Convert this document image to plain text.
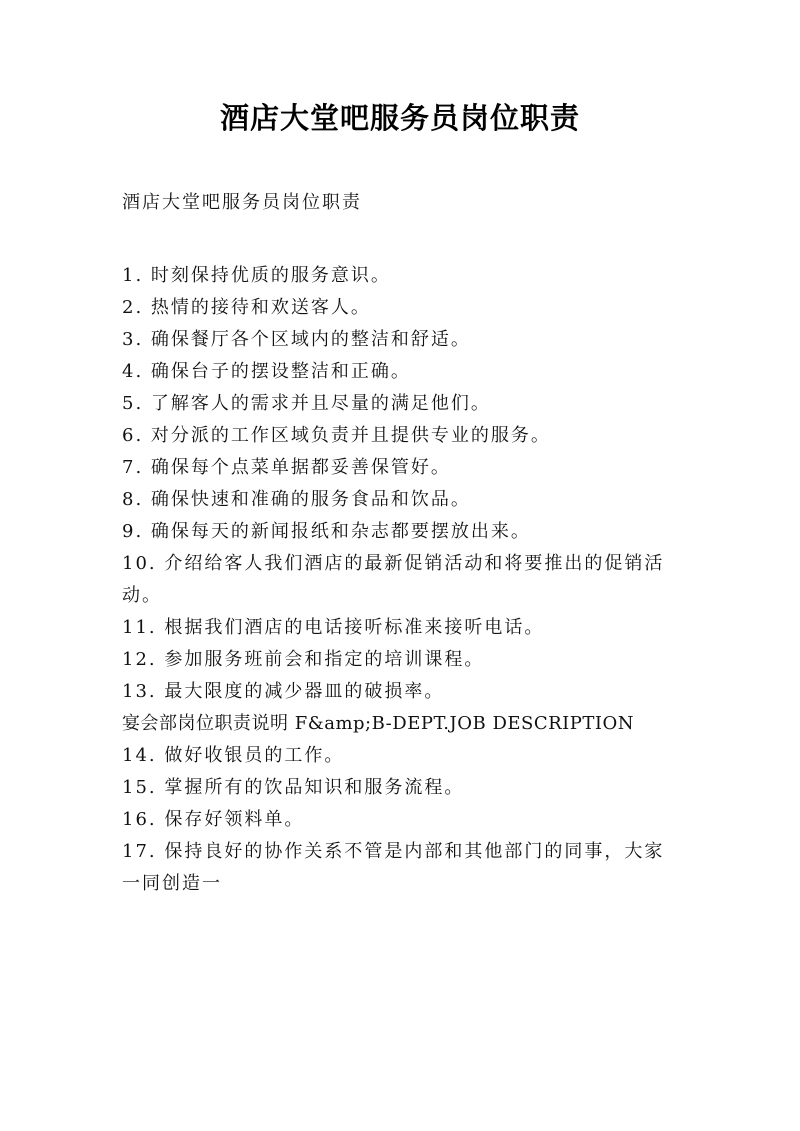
酒店大堂吧服务员岗位职责
酒店大堂吧服务员岗位职责
1. 时刻保持优质的服务意识。
2. 热情的接待和欢送客人。
3. 确保餐厅各个区域内的整洁和舒适。
4. 确保台子的摆设整洁和正确。
5. 了解客人的需求并且尽量的满足他们。
6. 对分派的工作区域负责并且提供专业的服务。
7. 确保每个点菜单据都妥善保管好。
8. 确保快速和准确的服务食品和饮品。
9. 确保每天的新闻报纸和杂志都要摆放出来。
10. 介绍给客人我们酒店的最新促销活动和将要推出的促销活动。
11. 根据我们酒店的电话接听标准来接听电话。
12. 参加服务班前会和指定的培训课程。
13. 最大限度的减少器皿的破损率。
宴会部岗位职责说明 F&amp;B-DEPT.JOB DESCRIPTION
14. 做好收银员的工作。
15. 掌握所有的饮品知识和服务流程。
16. 保存好领料单。
17. 保持良好的协作关系不管是内部和其他部门的同事，大家一同创造一
